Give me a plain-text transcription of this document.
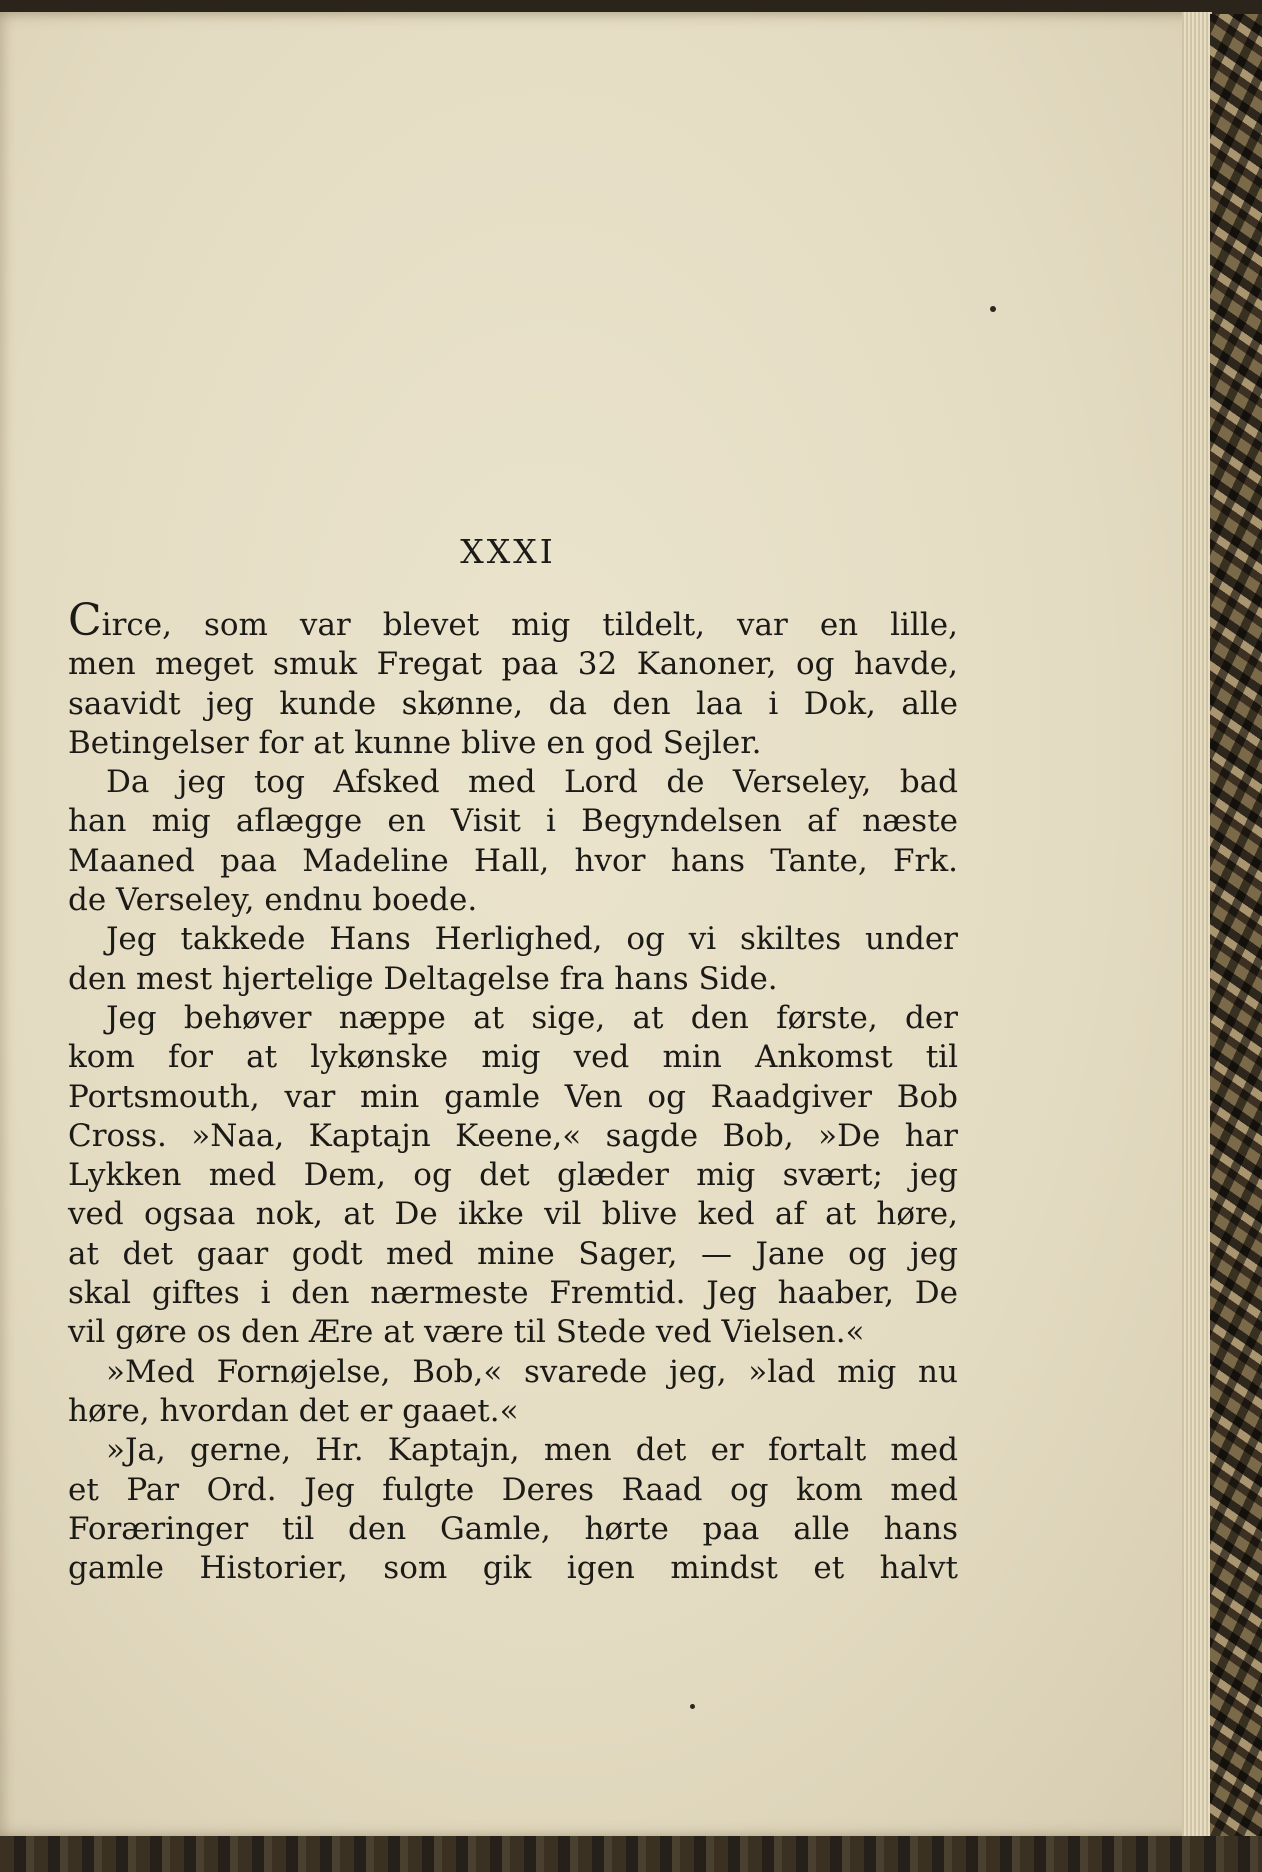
XXXI
Circe, som var blevet mig tildelt, var en lille,
men meget smuk Fregat paa 32 Kanoner, og havde,
saavidt jeg kunde skønne, da den laa i Dok, alle
Betingelser for at kunne blive en god Sejler.
Da jeg tog Afsked med Lord de Verseley, bad
han mig aflægge en Visit i Begyndelsen af næste
Maaned paa Madeline Hall, hvor hans Tante, Frk.
de Verseley, endnu boede.
Jeg takkede Hans Herlighed, og vi skiltes under
den mest hjertelige Deltagelse fra hans Side.
Jeg behøver næppe at sige, at den første, der
kom for at lykønske mig ved min Ankomst til
Portsmouth, var min gamle Ven og Raadgiver Bob
Cross. »Naa, Kaptajn Keene,« sagde Bob, »De har
Lykken med Dem, og det glæder mig svært; jeg
ved ogsaa nok, at De ikke vil blive ked af at høre,
at det gaar godt med mine Sager, — Jane og jeg
skal giftes i den nærmeste Fremtid. Jeg haaber, De
vil gøre os den Ære at være til Stede ved Vielsen.«
»Med Fornøjelse, Bob,« svarede jeg, »lad mig nu
høre, hvordan det er gaaet.«
»Ja, gerne, Hr. Kaptajn, men det er fortalt med
et Par Ord. Jeg fulgte Deres Raad og kom med
Foræringer til den Gamle, hørte paa alle hans
gamle Historier, som gik igen mindst et halvt
